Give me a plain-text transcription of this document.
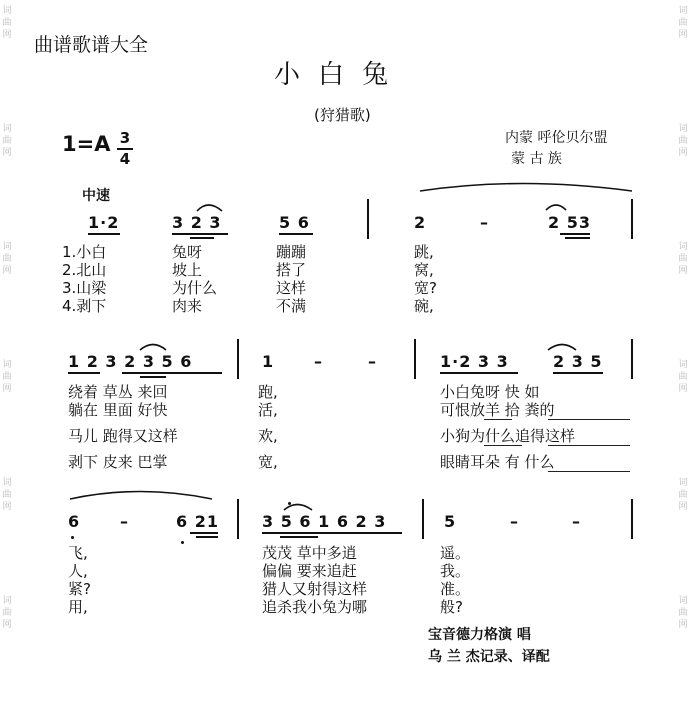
词
曲
网
词
曲
网
词
曲
网
词
曲
网
词
曲
网
词
曲
网
词
曲
网
词
曲
网
词
曲
网
词
曲
网
词
曲
网
词
曲
网
曲谱歌谱大全
小白兔
(狩猎歌)
1=A 3
4
内蒙 呼伦贝尔盟
蒙 古 族
中速
1·2	3 2 3	5 6	2	–	2 53
1.小白	兔呀	蹦蹦	跳,
2.北山	坡上	搭了	窝,
3.山梁	为什么	这样	宽?
4.剥下	肉来	不满	碗,
1 2 3 2 3 5 6	1 –	–	1·2 3 3	2 3 5
绕着 草丛 来回	跑,	小白兔呀 快 如
躺在 里面 好快	活,	可恨放羊 拾 粪的
马儿 跑得又这样	欢,	小狗为什么追得这样
剥下 皮来 巴掌	宽,	眼睛耳朵 有 什么
6 –	6 21	3 5 6 1 6 2 3	5	–	–
飞,	茂茂 草中多逍	遥。
人,	偏偏 要来追赶	我。
紧?	猎人又射得这样	准。
用,	追杀我小兔为哪	般?
宝音德力格演 唱
乌 兰 杰记录、译配
